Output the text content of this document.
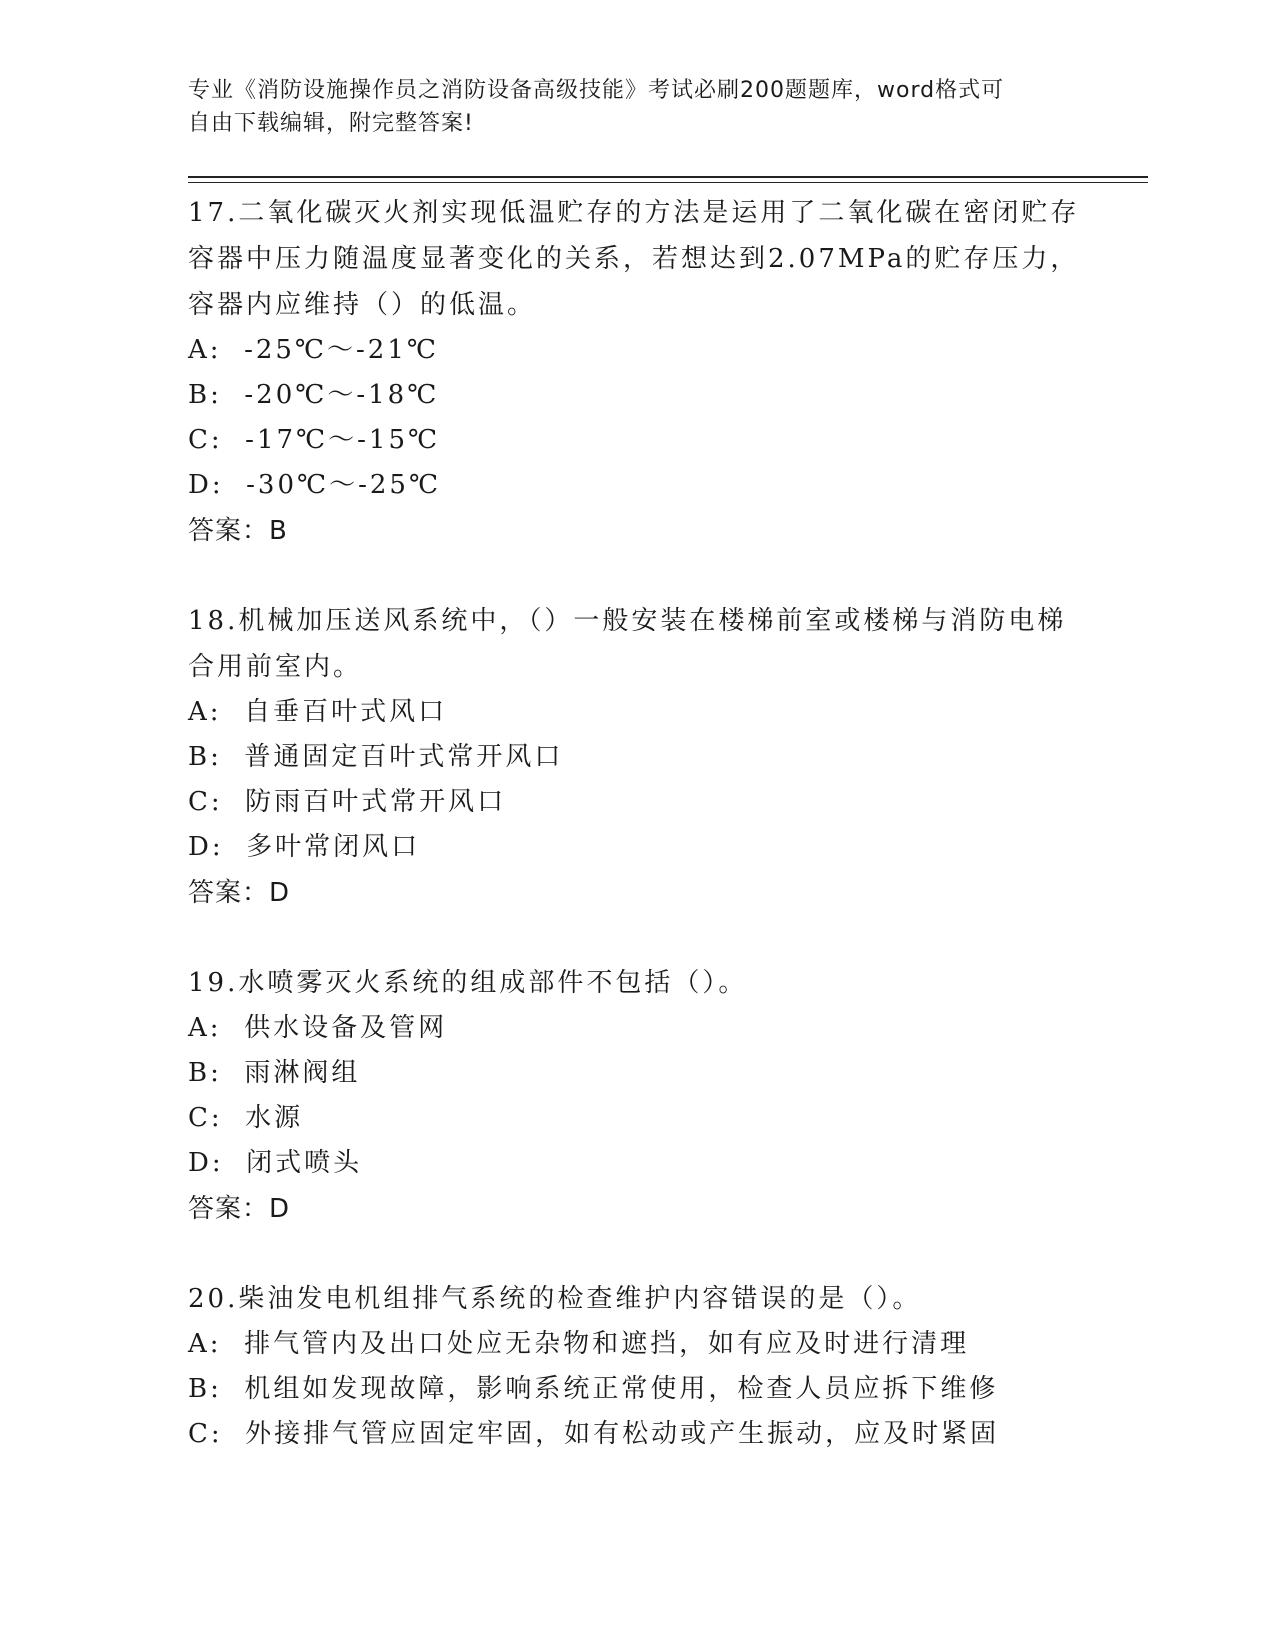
专业《消防设施操作员之消防设备高级技能》考试必刷200题题库，word格式可
自由下载编辑，附完整答案!
17.二氧化碳灭火剂实现低温贮存的方法是运用了二氧化碳在密闭贮存
容器中压力随温度显著变化的关系，若想达到2.07MPa的贮存压力，
容器内应维持（）的低温。
A:  -25℃～-21℃
B:  -20℃～-18℃
C:  -17℃～-15℃
D:  -30℃～-25℃
答案：B
18.机械加压送风系统中，（）一般安装在楼梯前室或楼梯与消防电梯
合用前室内。
A:  自垂百叶式风口
B:  普通固定百叶式常开风口
C:  防雨百叶式常开风口
D:  多叶常闭风口
答案：D
19.水喷雾灭火系统的组成部件不包括（）。
A:  供水设备及管网
B:  雨淋阀组
C:  水源
D:  闭式喷头
答案：D
20.柴油发电机组排气系统的检查维护内容错误的是（）。
A:  排气管内及出口处应无杂物和遮挡，如有应及时进行清理
B:  机组如发现故障，影响系统正常使用，检查人员应拆下维修
C:  外接排气管应固定牢固，如有松动或产生振动，应及时紧固
